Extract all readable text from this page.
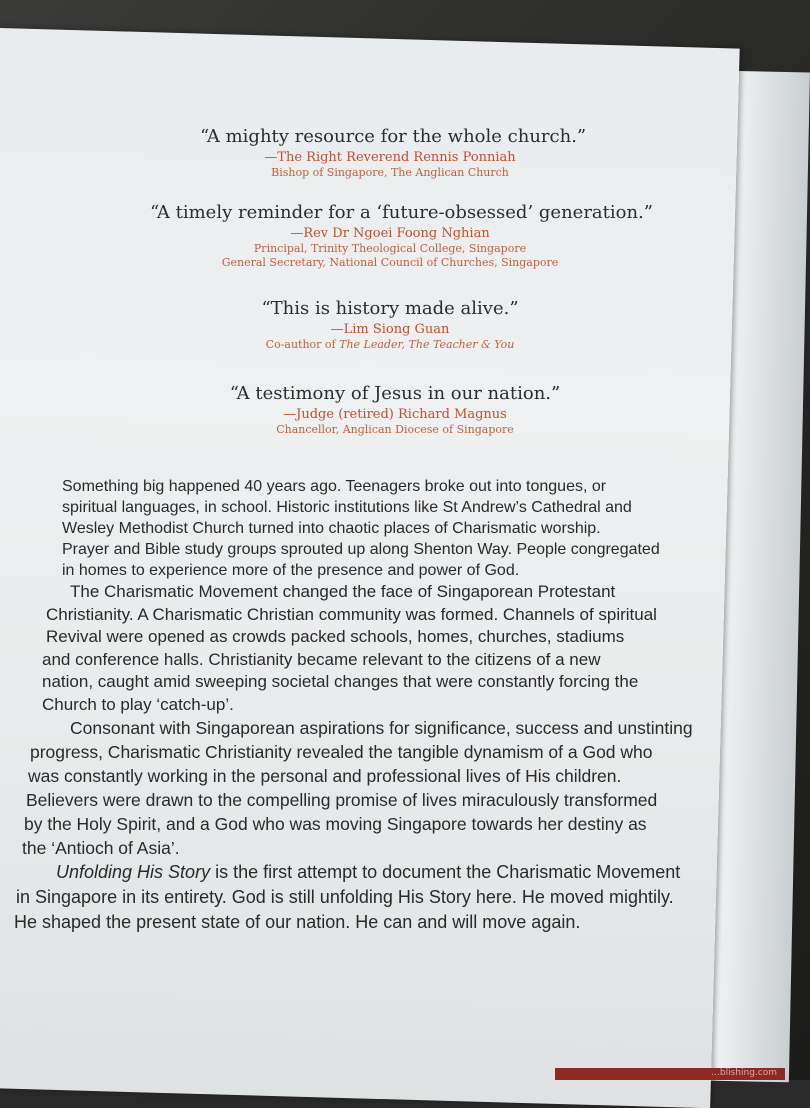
“A mighty resource for the whole church.”
—The Right Reverend Rennis Ponniah
Bishop of Singapore, The Anglican Church
“A timely reminder for a ‘future-obsessed’ generation.”
—Rev Dr Ngoei Foong Nghian
Principal, Trinity Theological College, Singapore
General Secretary, National Council of Churches, Singapore
“This is history made alive.”
—Lim Siong Guan
Co-author of The Leader, The Teacher & You
“A testimony of Jesus in our nation.”
—Judge (retired) Richard Magnus
Chancellor, Anglican Diocese of Singapore
Something big happened 40 years ago. Teenagers broke out into tongues, or
spiritual languages, in school. Historic institutions like St Andrew’s Cathedral and
Wesley Methodist Church turned into chaotic places of Charismatic worship.
Prayer and Bible study groups sprouted up along Shenton Way. People congregated
in homes to experience more of the presence and power of God.
The Charismatic Movement changed the face of Singaporean Protestant
Christianity. A Charismatic Christian community was formed. Channels of spiritual
Revival were opened as crowds packed schools, homes, churches, stadiums
and conference halls. Christianity became relevant to the citizens of a new
nation, caught amid sweeping societal changes that were constantly forcing the
Church to play ‘catch-up’.
Consonant with Singaporean aspirations for significance, success and unstinting
progress, Charismatic Christianity revealed the tangible dynamism of a God who
was constantly working in the personal and professional lives of His children.
Believers were drawn to the compelling promise of lives miraculously transformed
by the Holy Spirit, and a God who was moving Singapore towards her destiny as
the ‘Antioch of Asia’.
Unfolding His Story is the first attempt to document the Charismatic Movement
in Singapore in its entirety. God is still unfolding His Story here. He moved mightily.
He shaped the present state of our nation. He can and will move again.
...blishing.com
